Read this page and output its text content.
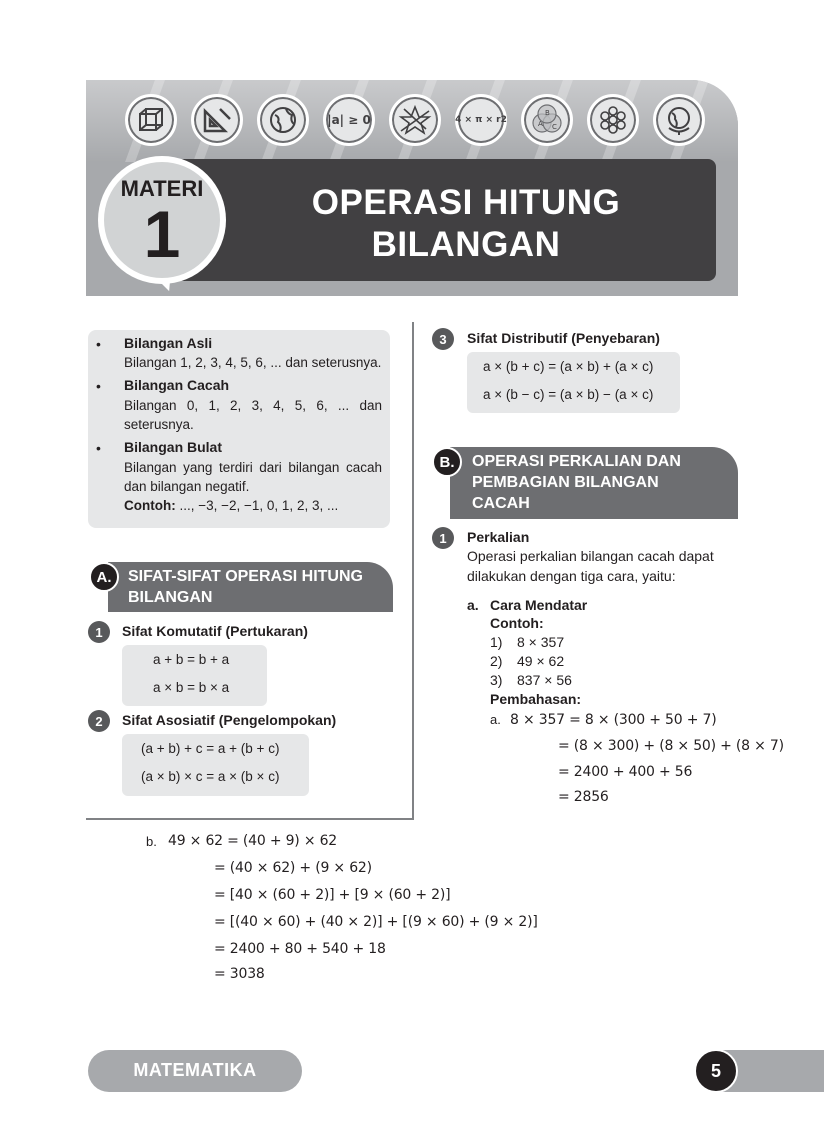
|a| ≥ 0	4 × π × r2	A
B
C
OPERASI HITUNG
BILANGAN
MATERI
1
• Bilangan Asli
Bilangan 1, 2, 3, 4, 5, 6, ... dan seterusnya.
• Bilangan Cacah
Bilangan 0, 1, 2, 3, 4, 5, 6, ... dan seterusnya.
• Bilangan Bulat
Bilangan yang terdiri dari bilangan cacah dan bilangan negatif.
Contoh: ..., −3, −2, −1, 0, 1, 2, 3, ...
A.	SIFAT-SIFAT OPERASI HITUNG
BILANGAN
1	Sifat Komutatif (Pertukaran)
a + b = b + a
a × b = b × a
2	Sifat Asosiatif (Pengelompokan)
(a + b) + c = a + (b + c)
(a × b) × c = a × (b × c)
3	Sifat Distributif (Penyebaran)
a × (b + c) = (a × b) + (a × c)
a × (b − c) = (a × b) − (a × c)
B.	OPERASI PERKALIAN DAN
PEMBAGIAN BILANGAN
CACAH
1	Perkalian
Operasi perkalian bilangan cacah dapat
dilakukan dengan tiga cara, yaitu:
a. Cara Mendatar
Contoh:
1) 8 × 357
2) 49 × 62
3) 837 × 56
Pembahasan:
a. 8 × 357 = 8 × (300 + 50 + 7)
= (8 × 300) + (8 × 50) + (8 × 7)
= 2400 + 400 + 56
= 2856
b. 49 × 62 = (40 + 9) × 62
= (40 × 62) + (9 × 62)
= [40 × (60 + 2)] + [9 × (60 + 2)]
= [(40 × 60) + (40 × 2)] + [(9 × 60) + (9 × 2)]
= 2400 + 80 + 540 + 18
= 3038
MATEMATIKA	5
